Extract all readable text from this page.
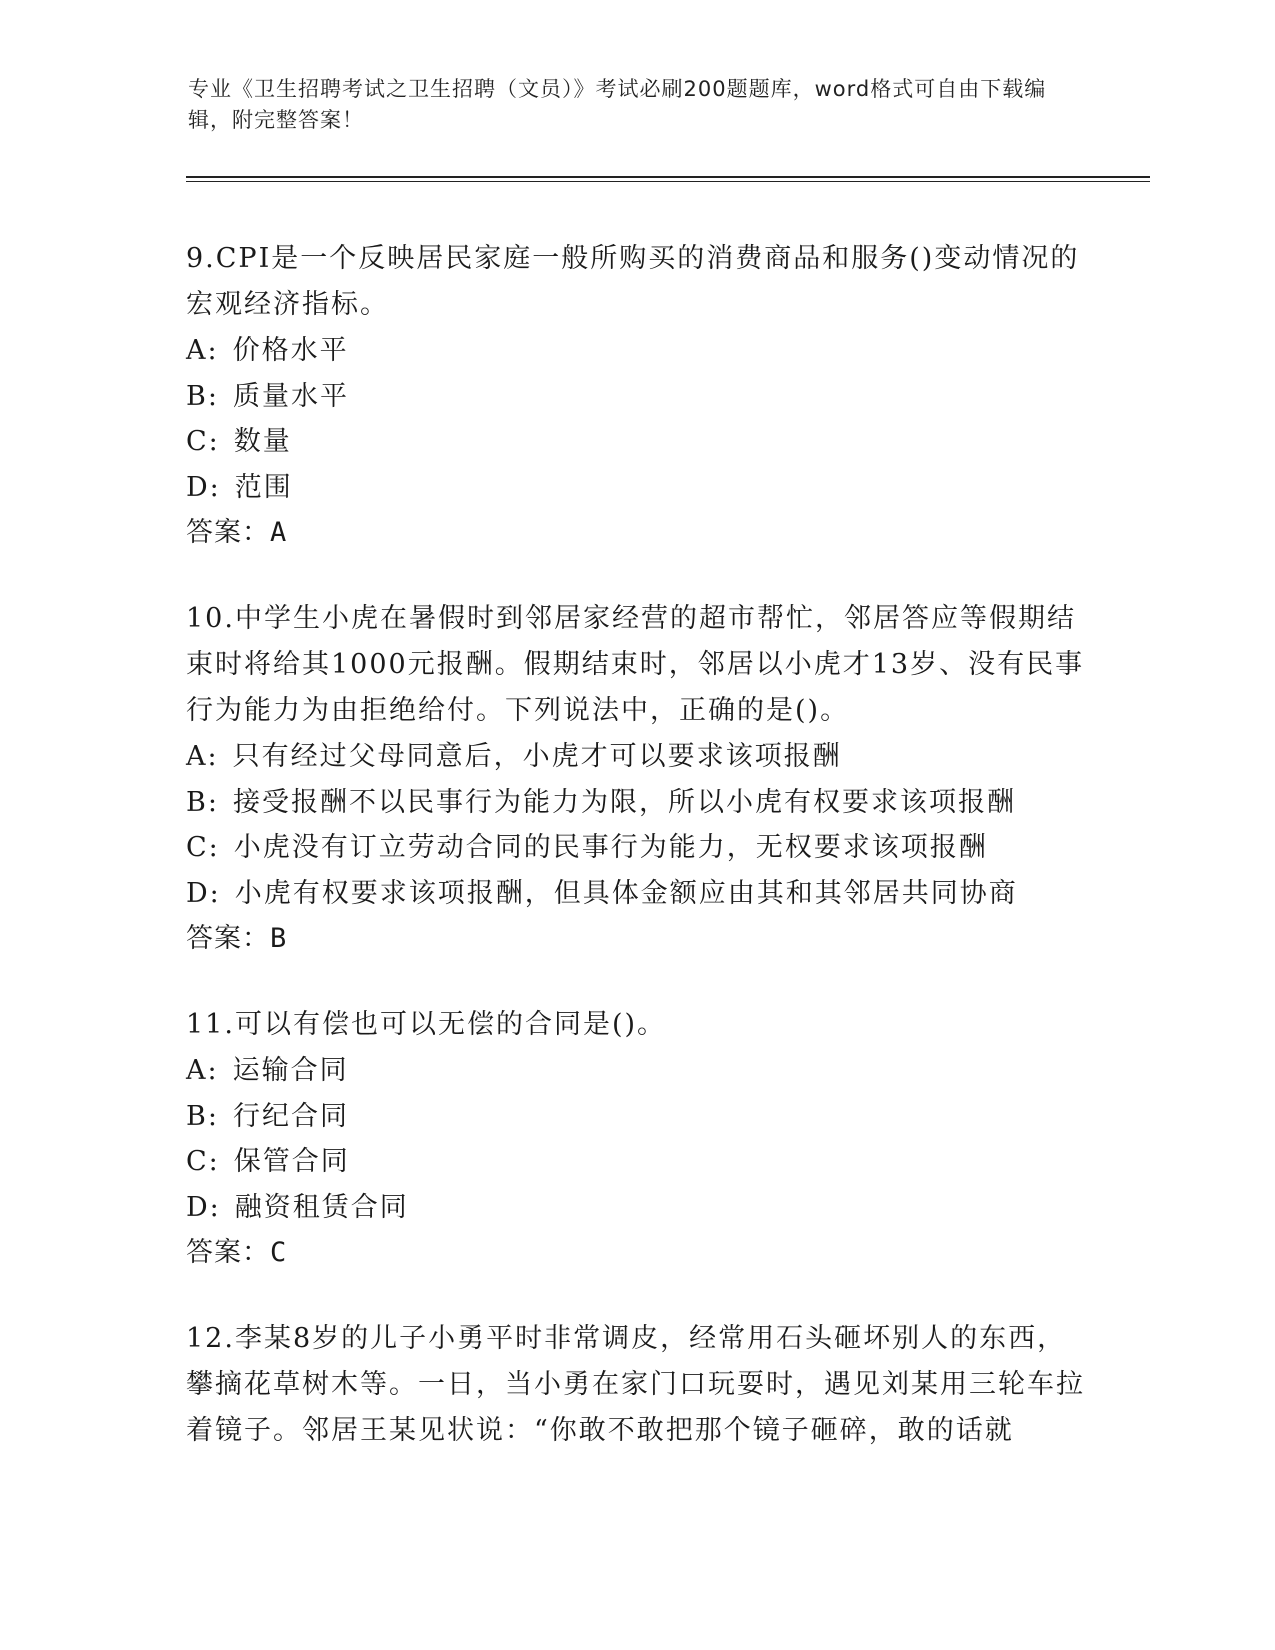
专业《卫生招聘考试之卫生招聘（文员）》考试必刷200题题库，word格式可自由下载编辑，附完整答案！

9.CPI是一个反映居民家庭一般所购买的消费商品和服务()变动情况的宏观经济指标。

A: 价格水平

B: 质量水平

C: 数量

D: 范围

答案：A

10.中学生小虎在暑假时到邻居家经营的超市帮忙，邻居答应等假期结束时将给其1000元报酬。假期结束时，邻居以小虎才13岁、没有民事行为能力为由拒绝给付。下列说法中，正确的是()。

A: 只有经过父母同意后，小虎才可以要求该项报酬

B: 接受报酬不以民事行为能力为限，所以小虎有权要求该项报酬

C: 小虎没有订立劳动合同的民事行为能力，无权要求该项报酬

D: 小虎有权要求该项报酬，但具体金额应由其和其邻居共同协商

答案：B

11.可以有偿也可以无偿的合同是()。

A: 运输合同

B: 行纪合同

C: 保管合同

D: 融资租赁合同

答案：C

12.李某8岁的儿子小勇平时非常调皮，经常用石头砸坏别人的东西，攀摘花草树木等。一日，当小勇在家门口玩耍时，遇见刘某用三轮车拉着镜子。邻居王某见状说：“你敢不敢把那个镜子砸碎，敢的话就
